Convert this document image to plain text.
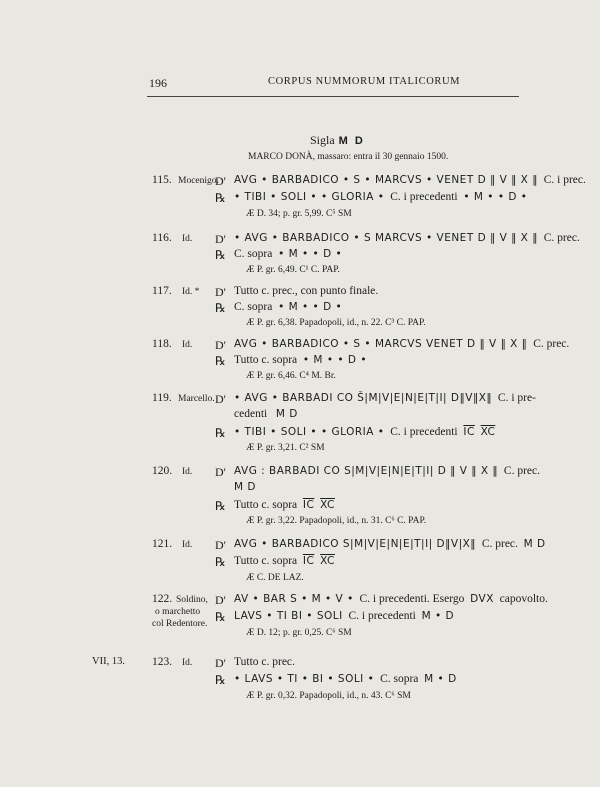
196	CORPUS NUMMORUM ITALICORUM
Sigla M D
MARCO DONÀ, massaro: entra il 30 gennaio 1500.
115. Mocenigo.
D' AVG • BARBADICO • S • MARCVS • VENET D ‖ V ‖ X ‖ C. i prec.
℞ • TIBI • SOLI • • GLORIA • C. i precedenti • M • • D •
Æ D. 34; p. gr. 5,99. C⁵ SM
116. Id. D' • AVG • BARBADICO • S MARCVS • VENET D ‖ V ‖ X ‖ C. prec.
℞ C. sopra • M • • D •
Æ P. gr. 6,49. C¹ C. PAP.
117. Id. * D' Tutto c. prec., con punto finale.
℞ C. sopra • M • • D •
Æ P. gr. 6,38. Papadopoli, id., n. 22. C³ C. PAP.
118. Id. D' AVG • BARBADICO • S • MARCVS VENET D ‖ V ‖ X ‖ C. prec.
℞ Tutto c. sopra • M • • D •
Æ P. gr. 6,46. C⁴ M. Br.
119. Marcello. D' • AVG • BARBADI CO Š|M|V|E|N|E|T|I| D‖V‖X‖ C. i pre-
cedenti M D
℞ • TIBI • SOLI • • GLORIA • C. i precedenti $\overline{IC}$ $\overline{XC}$
Æ P. gr. 3,21. C² SM
120. Id. D' AVG : BARBADI CO S|M|V|E|N|E|T|I| D ‖ V ‖ X ‖ C. prec.
M D
℞ Tutto c. sopra $\overline{IC}$ $\overline{XC}$
Æ P. gr. 3,22. Papadopoli, id., n. 31. C⁶ C. PAP.
121. Id. D' AVG • BARBADICO S|M|V|E|N|E|T|I| D‖V|X‖ C. prec. M D
℞ Tutto c. sopra $\overline{IC}$ $\overline{XC}$
Æ C. DE LAZ.
122. Soldino,
o marchetto
col Redentore.
D' AV • BAR S • M • V • C. i precedenti. Esergo DVX capovolto.
℞ LAVS • TI BI • SOLI C. i precedenti M • D
Æ D. 12; p. gr. 0,25. C⁶ SM
VII, 13. 123. Id. D' Tutto c. prec.
℞ • LAVS • TI • BI • SOLI • C. sopra M • D
Æ P. gr. 0,32. Papadopoli, id., n. 43. C⁶ SM
